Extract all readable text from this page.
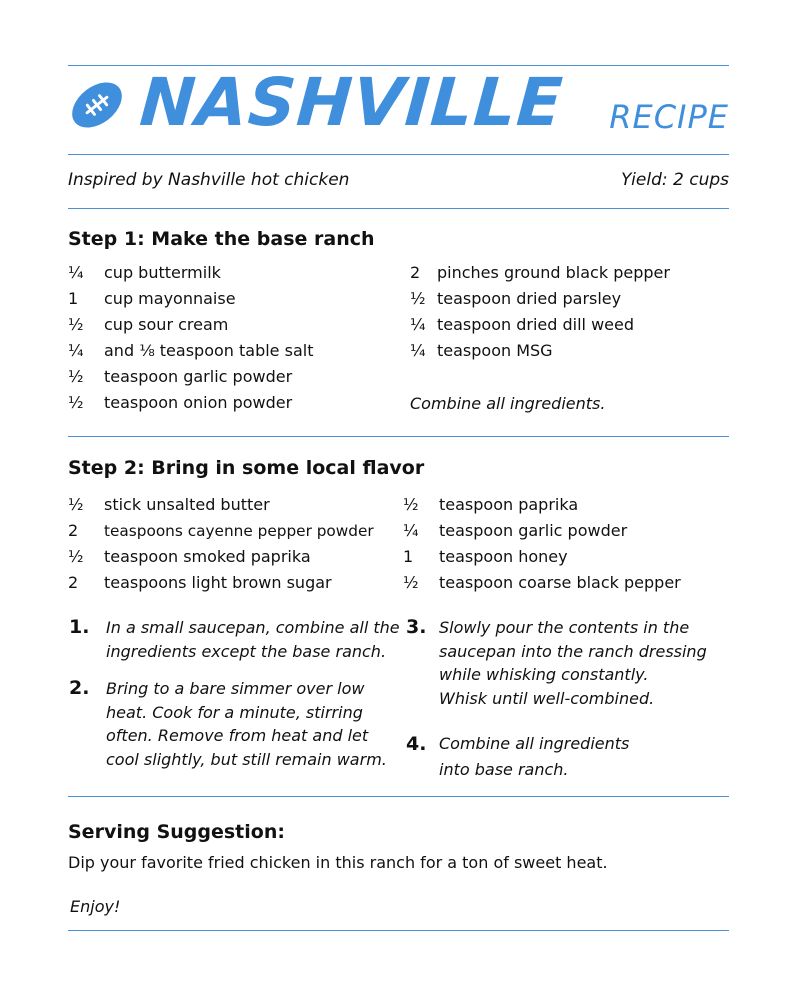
NASHVILLE RECIPE
Inspired by Nashville hot chicken	Yield: 2 cups
Step 1: Make the base ranch
¼	cup buttermilk
1	cup mayonnaise
½	cup sour cream
¼	and ⅛ teaspoon table salt
½	teaspoon garlic powder
½	teaspoon onion powder
2	pinches ground black pepper
½ teaspoon dried parsley
¼ teaspoon dried dill weed
¼ teaspoon MSG
Combine all ingredients.
Step 2: Bring in some local flavor
½	stick unsalted butter
2	teaspoons cayenne pepper powder
½	teaspoon smoked paprika
2	teaspoons light brown sugar
½	teaspoon paprika
¼	teaspoon garlic powder
1	teaspoon honey
½	teaspoon coarse black pepper
1. In a small saucepan, combine all the
ingredients except the base ranch.
2. Bring to a bare simmer over low
heat. Cook for a minute, stirring
often. Remove from heat and let
cool slightly, but still remain warm.
3. Slowly pour the contents in the
saucepan into the ranch dressing
while whisking constantly.
Whisk until well-combined.
4. Combine all ingredients
into base ranch.
Serving Suggestion:
Dip your favorite fried chicken in this ranch for a ton of sweet heat.
Enjoy!
